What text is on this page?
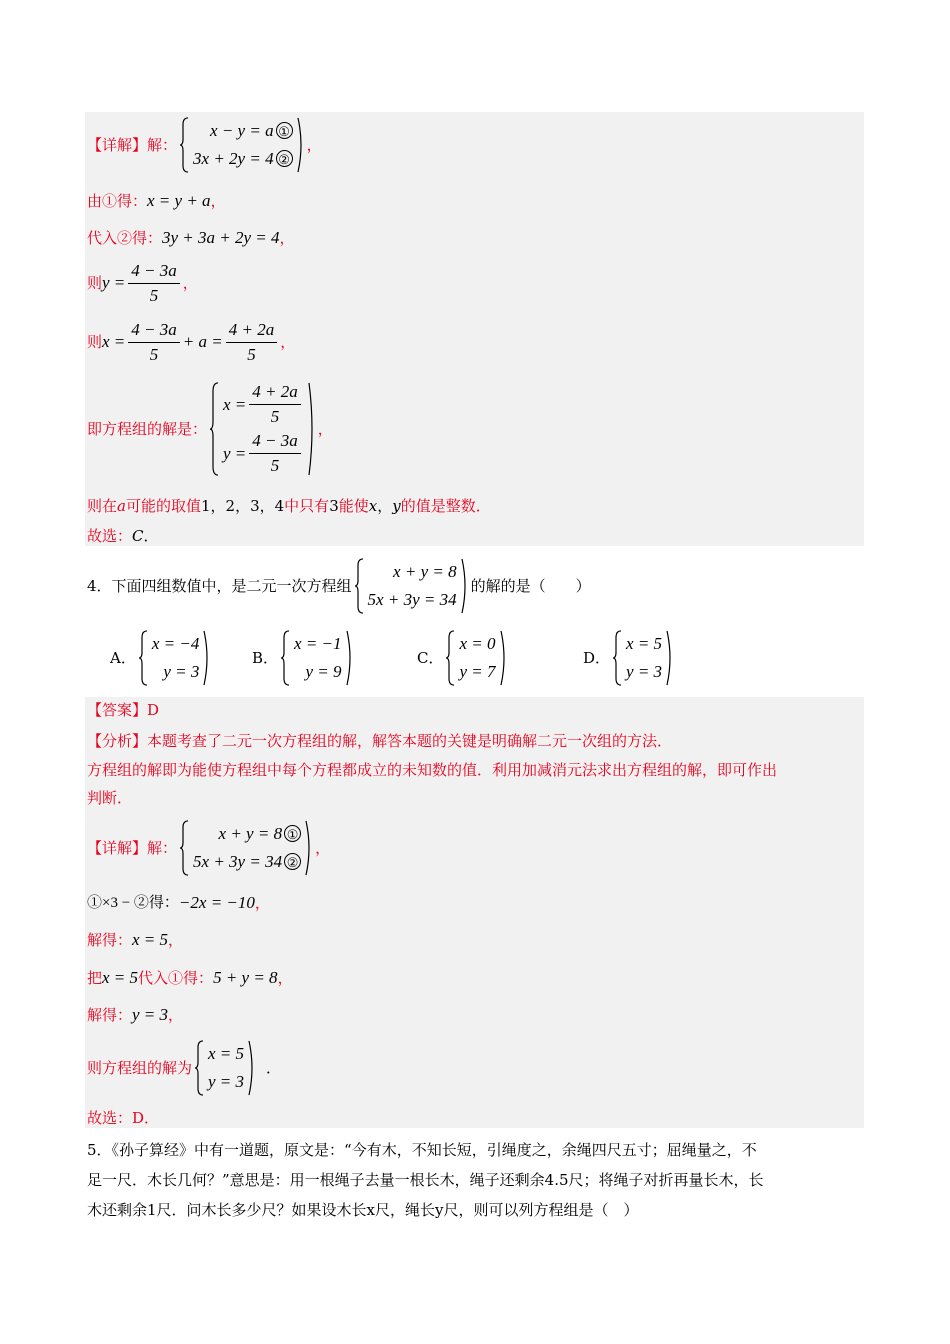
【详解】 解：
x − y = a ①
3x + 2y = 4 ②
，
由①得： x = y + a ，
代入②得： 3y + 3a + 2y = 4 ，
则 $y = \frac{4 - 3a}{5}$ ，
则 $x = \frac{4 - 3a}{5} + a = \frac{4 + 2a}{5}$ ，
即方程组的解是：
$x = \frac{4 + 2a}{5}$
$y = \frac{4 - 3a}{5}$
，
则在 a 可能的取值 1，2，3，4 中只有 3 能使 x ， y 的值是整数．
故选： C ．
4．下面四组数值中，是二元一次方程组
x + y = 8
5x + 3y = 34
的解的是（　　）
A．
x = −4
y = 3
B．
x = −1
y = 9
C．
x = 0
y = 7
D．
x = 5
y = 3
【答案】D
【分析】 本题考查了二元一次方程组的解，解答本题的关键是明确解二元一次组的方法．
方程组的解即为能使方程组中每个方程都成立的未知数的值．利用加减消元法求出方程组的解，即可作出
判断．
【详解】 解：
x + y = 8 ①
5x + 3y = 34 ②
，
①×3 − ②得： −2x = −10 ，
解得： x = 5 ，
把 x = 5 代入①得： 5 + y = 8 ，
解得： y = 3 ，
则方程组的解为
x = 5
y = 3
．
故选：D．
5．《孙子算经》中有一道题，原文是：“今有木，不知长短，引绳度之，余绳四尺五寸；屈绳量之，不
足一尺．木长几何？”意思是：用一根绳子去量一根长木，绳子还剩余4.5尺；将绳子对折再量长木，长
木还剩余1尺．问木长多少尺？如果设木长x尺，绳长y尺，则可以列方程组是（　）
